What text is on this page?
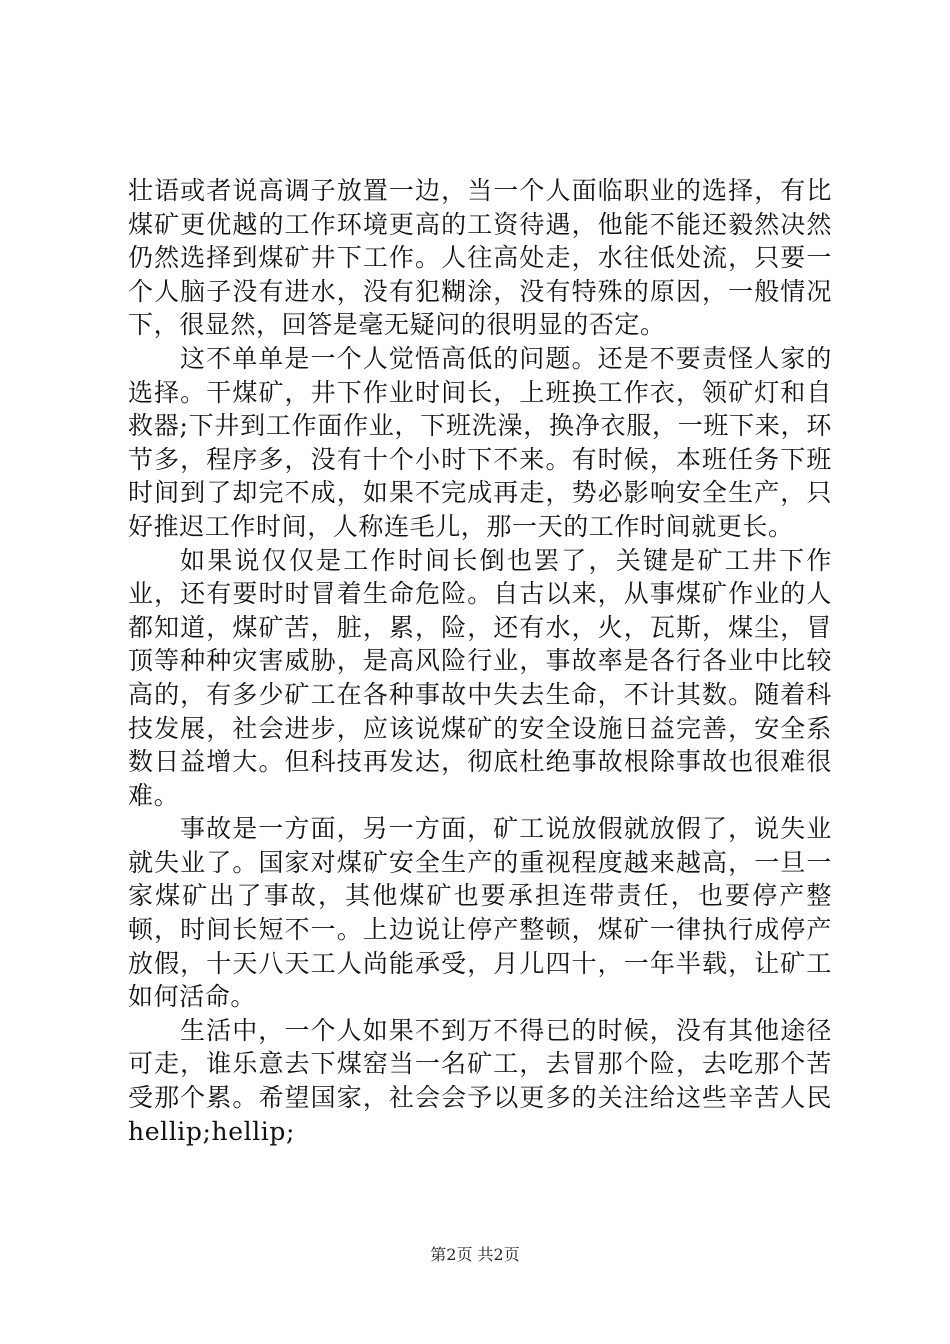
壮语或者说高调子放置一边，当一个人面临职业的选择，有比煤矿更优越的工作环境更高的工资待遇，他能不能还毅然决然仍然选择到煤矿井下工作。人往高处走，水往低处流，只要一个人脑子没有进水，没有犯糊涂，没有特殊的原因，一般情况下，很显然，回答是毫无疑问的很明显的否定。

这不单单是一个人觉悟高低的问题。还是不要责怪人家的选择。干煤矿，井下作业时间长，上班换工作衣，领矿灯和自救器;下井到工作面作业，下班洗澡，换净衣服，一班下来，环节多，程序多，没有十个小时下不来。有时候，本班任务下班时间到了却完不成，如果不完成再走，势必影响安全生产，只好推迟工作时间，人称连毛儿，那一天的工作时间就更长。

如果说仅仅是工作时间长倒也罢了，关键是矿工井下作业，还有要时时冒着生命危险。自古以来，从事煤矿作业的人都知道，煤矿苦，脏，累，险，还有水，火，瓦斯，煤尘，冒顶等种种灾害威胁，是高风险行业，事故率是各行各业中比较高的，有多少矿工在各种事故中失去生命，不计其数。随着科技发展，社会进步，应该说煤矿的安全设施日益完善，安全系数日益增大。但科技再发达，彻底杜绝事故根除事故也很难很难。

事故是一方面，另一方面，矿工说放假就放假了，说失业就失业了。国家对煤矿安全生产的重视程度越来越高，一旦一家煤矿出了事故，其他煤矿也要承担连带责任，也要停产整顿，时间长短不一。上边说让停产整顿，煤矿一律执行成停产放假，十天八天工人尚能承受，月儿四十，一年半载，让矿工如何活命。

生活中，一个人如果不到万不得已的时候，没有其他途径可走，谁乐意去下煤窑当一名矿工，去冒那个险，去吃那个苦受那个累。希望国家，社会会予以更多的关注给这些辛苦人民hellip;hellip;

第2页 共2页
